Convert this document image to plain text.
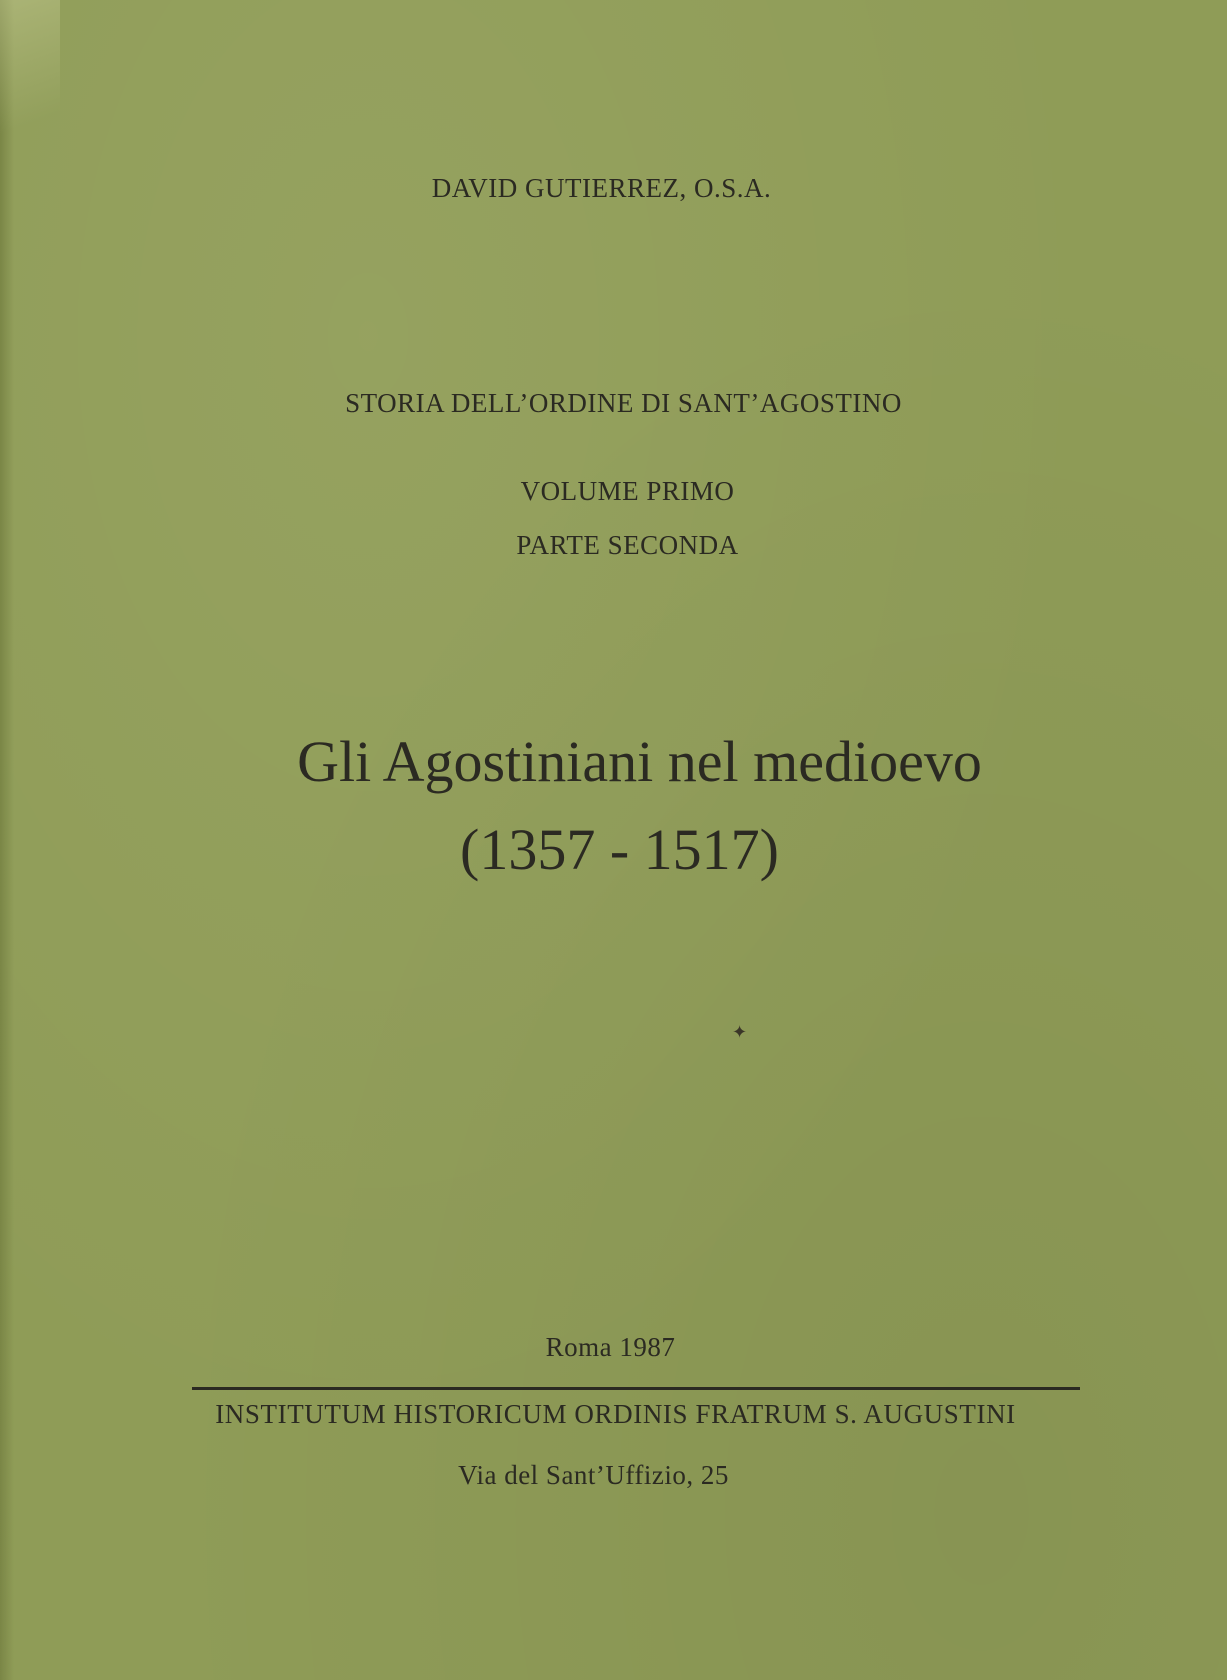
DAVID GUTIERREZ, O.S.A.
STORIA DELL’ORDINE DI SANT’AGOSTINO
VOLUME PRIMO
PARTE SECONDA
Gli Agostiniani nel medioevo
(1357 - 1517)
✦
Roma 1987
INSTITUTUM HISTORICUM ORDINIS FRATRUM S. AUGUSTINI
Via del Sant’Uffizio, 25
